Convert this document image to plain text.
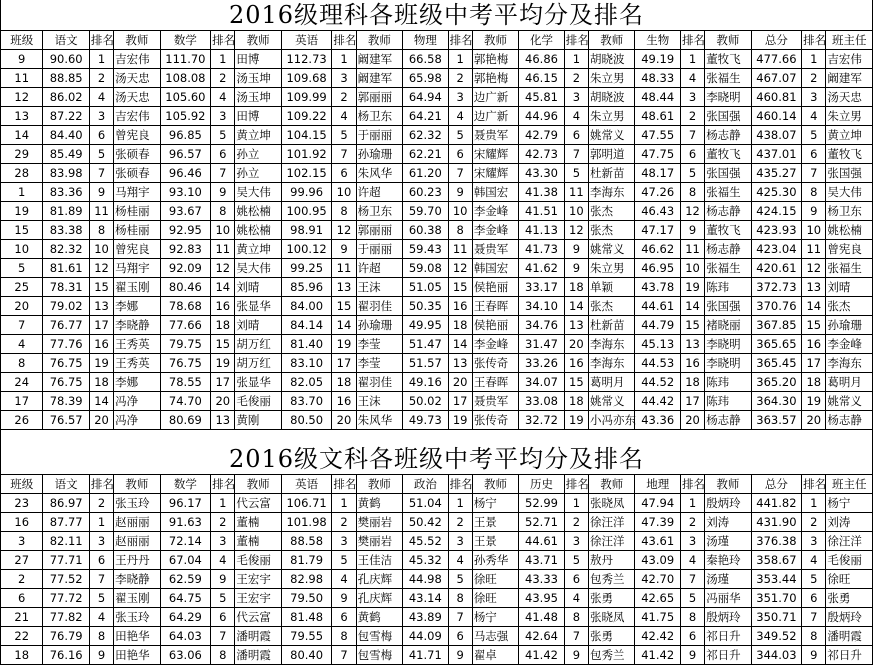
2016级理科各班级中考平均分及排名
班级	语文	排名	教师	数学	排名	教师	英语	排名	教师	物理	排名	教师	化学	排名	教师	生物	排名	教师	总分	排名	班主任
9	90.60	1	吉宏伟	111.70	1	田博	112.73	1	阚建军	66.58	1	郭艳梅	46.86	1	胡晓波	49.19	1	董牧飞	477.66	1	吉宏伟
11	88.85	2	汤天忠	108.08	2	汤玉坤	109.68	3	阚建军	65.98	2	郭艳梅	46.15	2	朱立男	48.33	4	张福生	467.07	2	阚建军
12	86.02	4	汤天忠	105.60	4	汤玉坤	109.99	2	郭丽丽	64.94	3	边广新	45.81	3	胡晓波	48.44	3	李晓明	460.81	3	汤天忠
13	87.22	3	吉宏伟	105.92	3	田博	109.22	4	杨卫东	64.21	4	边广新	44.96	4	朱立男	48.61	2	张国强	460.14	4	朱立男
14	84.40	6	曾宪良	96.85	5	黄立坤	104.15	5	于丽丽	62.32	5	聂贵军	42.79	6	姚常义	47.55	7	杨志静	438.07	5	黄立坤
29	85.49	5	张硕春	96.57	6	孙立	101.92	7	孙瑜珊	62.21	6	宋耀辉	42.73	7	郭明道	47.75	6	董牧飞	437.01	6	董牧飞
28	83.98	7	张硕春	96.46	7	孙立	102.15	6	朱风华	61.20	7	宋耀辉	43.30	5	杜新苗	48.17	5	张国强	435.27	7	张国强
1	83.36	9	马翔宇	93.10	9	吴大伟	99.96	10	许超	60.23	9	韩国宏	41.38	11	李海东	47.26	8	张福生	425.30	8	吴大伟
19	81.89	11	杨桂丽	93.67	8	姚松楠	100.95	8	杨卫东	59.70	10	李金峰	41.51	10	张杰	46.43	12	杨志静	424.15	9	杨卫东
15	83.38	8	杨桂丽	92.95	10	姚松楠	98.91	12	郭丽丽	60.38	8	李金峰	41.13	12	张杰	47.17	9	董牧飞	423.93	10	姚松楠
10	82.32	10	曾宪良	92.83	11	黄立坤	100.12	9	于丽丽	59.43	11	聂贵军	41.73	9	姚常义	46.62	11	杨志静	423.04	11	曾宪良
5	81.61	12	马翔宇	92.09	12	吴大伟	99.25	11	许超	59.08	12	韩国宏	41.62	9	朱立男	46.95	10	张福生	420.61	12	张福生
25	78.31	15	翟玉刚	80.46	14	刘晴	85.96	13	王沫	51.05	15	侯艳丽	33.17	18	单颖	43.78	19	陈玮	372.73	13	刘晴
20	79.02	13	李娜	78.68	16	张显华	84.00	15	翟羽佳	50.35	16	王春晖	34.10	14	张杰	44.61	14	张国强	370.76	14	张杰
7	76.77	17	李晓静	77.66	18	刘晴	84.14	14	孙瑜珊	49.95	18	侯艳丽	34.76	13	杜新苗	44.79	15	褚晓丽	367.85	15	孙瑜珊
4	77.76	16	王秀英	79.75	15	胡万红	81.40	19	李莹	51.47	14	李金峰	31.47	20	李海东	45.13	13	李晓明	365.65	16	李金峰
8	76.75	19	王秀英	76.75	19	胡万红	83.10	17	李莹	51.57	13	张传奇	33.26	16	李海东	44.53	16	李晓明	365.45	17	李海东
24	76.75	18	李娜	78.55	17	张显华	82.05	18	翟羽佳	49.16	20	王春晖	34.07	15	葛明月	44.52	18	陈玮	365.20	18	葛明月
17	78.39	14	冯净	74.70	20	毛俊丽	83.70	16	王沫	50.02	17	聂贵军	33.08	18	姚常义	44.42	17	陈玮	364.30	19	姚常义
26	76.57	20	冯净	80.69	13	黄刚	80.50	20	朱风华	49.73	19	张传奇	32.72	19	小冯亦东	43.36	20	杨志静	363.57	20	杨志静
2016级文科各班级中考平均分及排名
班级	语文	排名	教师	数学	排名	教师	英语	排名	教师	政治	排名	教师	历史	排名	教师	地理	排名	教师	总分	排名	班主任
23	86.97	2	张玉玲	96.17	1	代云富	106.71	1	黄鹤	51.04	1	杨宁	52.99	1	张晓凤	47.94	1	殷炳玲	441.82	1	杨宁
16	87.77	1	赵丽丽	91.63	2	董楠	101.98	2	樊丽岩	50.42	2	王景	52.71	2	徐汪洋	47.39	2	刘涛	431.90	2	刘涛
3	82.11	3	赵丽丽	72.14	3	董楠	88.58	3	樊丽岩	45.52	3	王景	44.61	3	徐汪洋	43.61	3	汤瑾	376.38	3	徐汪洋
27	77.71	6	王丹丹	67.04	4	毛俊丽	81.79	5	王佳洁	45.32	4	孙秀华	43.71	5	敖丹	43.09	4	秦艳玲	358.67	4	毛俊丽
2	77.52	7	李晓静	62.59	9	王宏宇	82.98	4	孔庆辉	44.98	5	徐旺	43.33	6	包秀兰	42.70	7	汤瑾	353.44	5	徐旺
6	77.72	5	翟玉刚	64.75	5	王宏宇	79.50	9	孔庆辉	43.14	8	徐旺	43.95	4	张勇	42.65	5	冯丽华	351.70	6	张勇
21	77.82	4	张玉玲	64.29	6	代云富	81.48	6	黄鹤	43.89	7	杨宁	41.48	8	张晓凤	41.75	8	殷炳玲	350.71	7	殷炳玲
22	76.79	8	田艳华	64.03	7	潘明霞	79.55	8	包雪梅	44.09	6	马志强	42.64	7	张勇	42.42	6	祁日升	349.52	8	潘明霞
18	76.16	9	田艳华	63.06	8	潘明霞	80.40	7	包雪梅	41.71	9	翟卓	41.42	9	包秀兰	41.42	9	祁日升	344.03	9	祁日升
